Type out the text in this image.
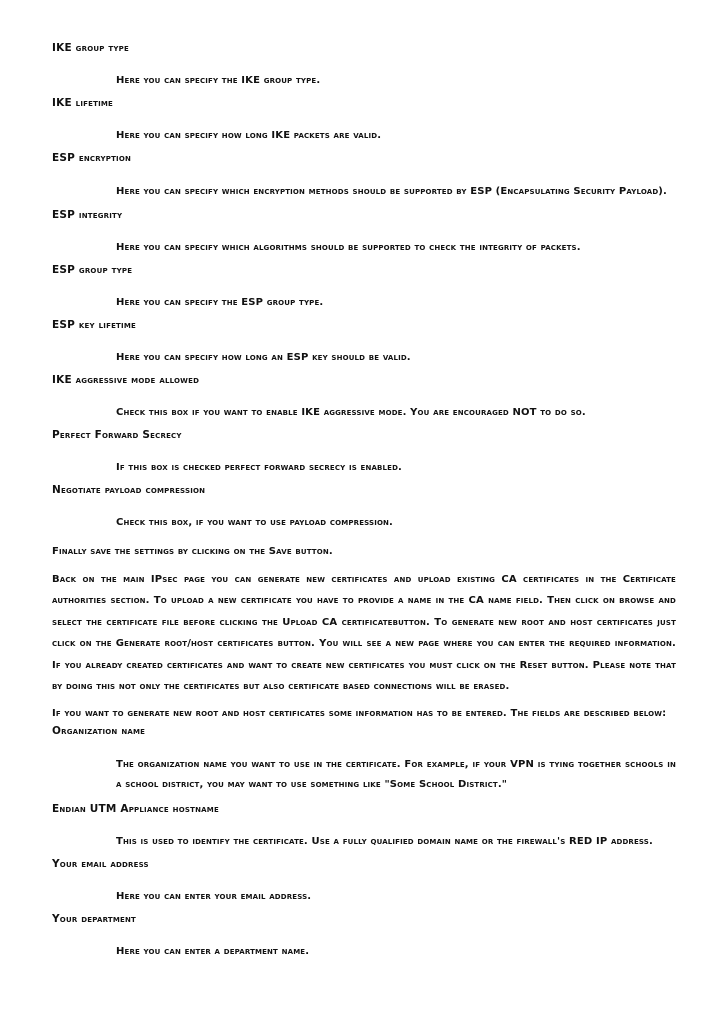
IKE group type

Here you can specify the IKE group type.

IKE lifetime

Here you can specify how long IKE packets are valid.

ESP encryption

Here you can specify which encryption methods should be supported by ESP (Encapsulating Security Payload).

ESP integrity

Here you can specify which algorithms should be supported to check the integrity of packets.

ESP group type

Here you can specify the ESP group type.

ESP key lifetime

Here you can specify how long an ESP key should be valid.

IKE aggressive mode allowed

Check this box if you want to enable IKE aggressive mode. You are encouraged NOT to do so.

Perfect Forward Secrecy

If this box is checked perfect forward secrecy is enabled.

Negotiate payload compression

Check this box, if you want to use payload compression.

Finally save the settings by clicking on the Save button.

Back on the main IPsec page you can generate new certificates and upload existing CA certificates in the Certificate authorities section. To upload a new certificate you have to provide a name in the CA name field. Then click on browse and select the certificate file before clicking the Upload CA certificatebutton. To generate new root and host certificates just click on the Generate root/host certificates button. You will see a new page where you can enter the required information. If you already created certificates and want to create new certificates you must click on the Reset button. Please note that by doing this not only the certificates but also certificate based connections will be erased.

If you want to generate new root and host certificates some information has to be entered. The fields are described below:

Organization name

The organization name you want to use in the certificate. For example, if your VPN is tying together schools in a school district, you may want to use something like "Some School District."

Endian UTM Appliance hostname

This is used to identify the certificate. Use a fully qualified domain name or the firewall's RED IP address.

Your email address

Here you can enter your email address.

Your department

Here you can enter a department name.
